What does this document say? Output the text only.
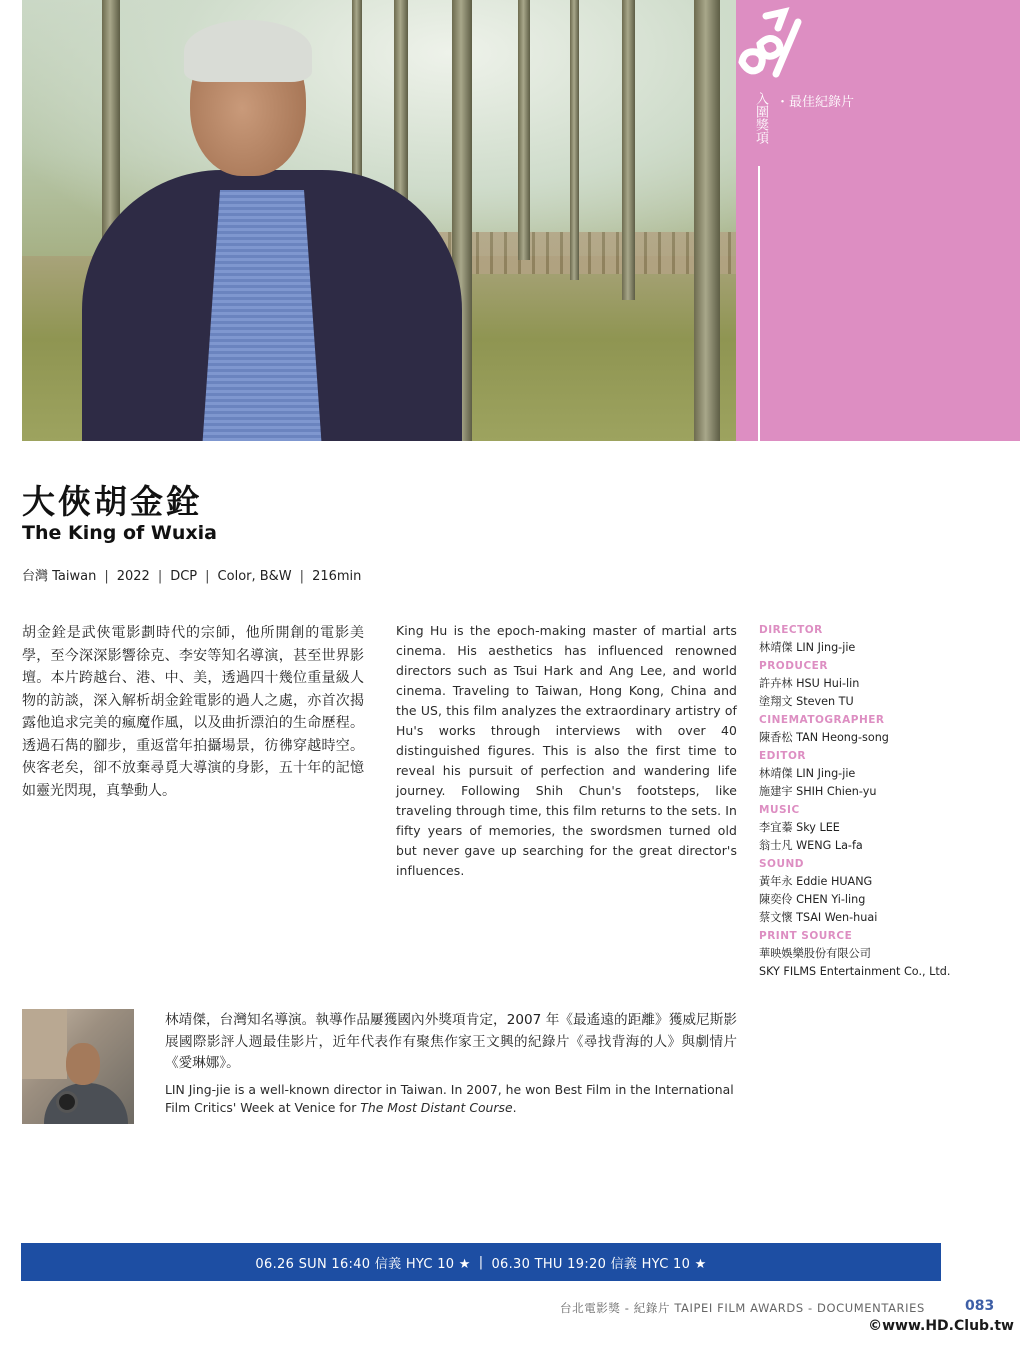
入圍獎項 ・最佳紀錄片
大俠胡金銓
The King of Wuxia
台灣 Taiwan | 2022 | DCP | Color, B&W | 216min

胡金銓是武俠電影劃時代的宗師，他所開創的電影美學，至今深深影響徐克、李安等知名導演，甚至世界影壇。本片跨越台、港、中、美，透過四十幾位重量級人物的訪談，深入解析胡金銓電影的過人之處，亦首次揭露他追求完美的瘋魔作風，以及曲折漂泊的生命歷程。透過石雋的腳步，重返當年拍攝場景，彷彿穿越時空。俠客老矣，卻不放棄尋覓大導演的身影，五十年的記憶如靈光閃現，真摯動人。

King Hu is the epoch-making master of martial arts cinema. His aesthetics has influenced renowned directors such as Tsui Hark and Ang Lee, and world cinema. Traveling to Taiwan, Hong Kong, China and the US, this film analyzes the extraordinary artistry of Hu's works through interviews with over 40 distinguished figures. This is also the first time to reveal his pursuit of perfection and wandering life journey. Following Shih Chun's footsteps, like traveling through time, this film returns to the sets. In fifty years of memories, the swordsmen turned old but never gave up searching for the great director's influences.

DIRECTOR
林靖傑 LIN Jing-jie
PRODUCER
許卉林 HSU Hui-lin
塗翔文 Steven TU
CINEMATOGRAPHER
陳香松 TAN Heong-song
EDITOR
林靖傑 LIN Jing-jie
施建宇 SHIH Chien-yu
MUSIC
李宜蓁 Sky LEE
翁士凡 WENG La-fa
SOUND
黃年永 Eddie HUANG
陳奕伶 CHEN Yi-ling
蔡文懷 TSAI Wen-huai
PRINT SOURCE
華映娛樂股份有限公司
SKY FILMS Entertainment Co., Ltd.

林靖傑，台灣知名導演。執導作品屢獲國內外獎項肯定，2007 年《最遙遠的距離》獲威尼斯影展國際影評人週最佳影片，近年代表作有聚焦作家王文興的紀錄片《尋找背海的人》與劇情片《愛琳娜》。

LIN Jing-jie is a well-known director in Taiwan. In 2007, he won Best Film in the International Film Critics' Week at Venice for The Most Distant Course.

06.26 SUN 16:40 信義 HYC 10 ★ | 06.30 THU 19:20 信義 HYC 10 ★
台北電影獎 - 紀錄片 TAIPEI FILM AWARDS - DOCUMENTARIES	083
©www.HD.Club.tw
